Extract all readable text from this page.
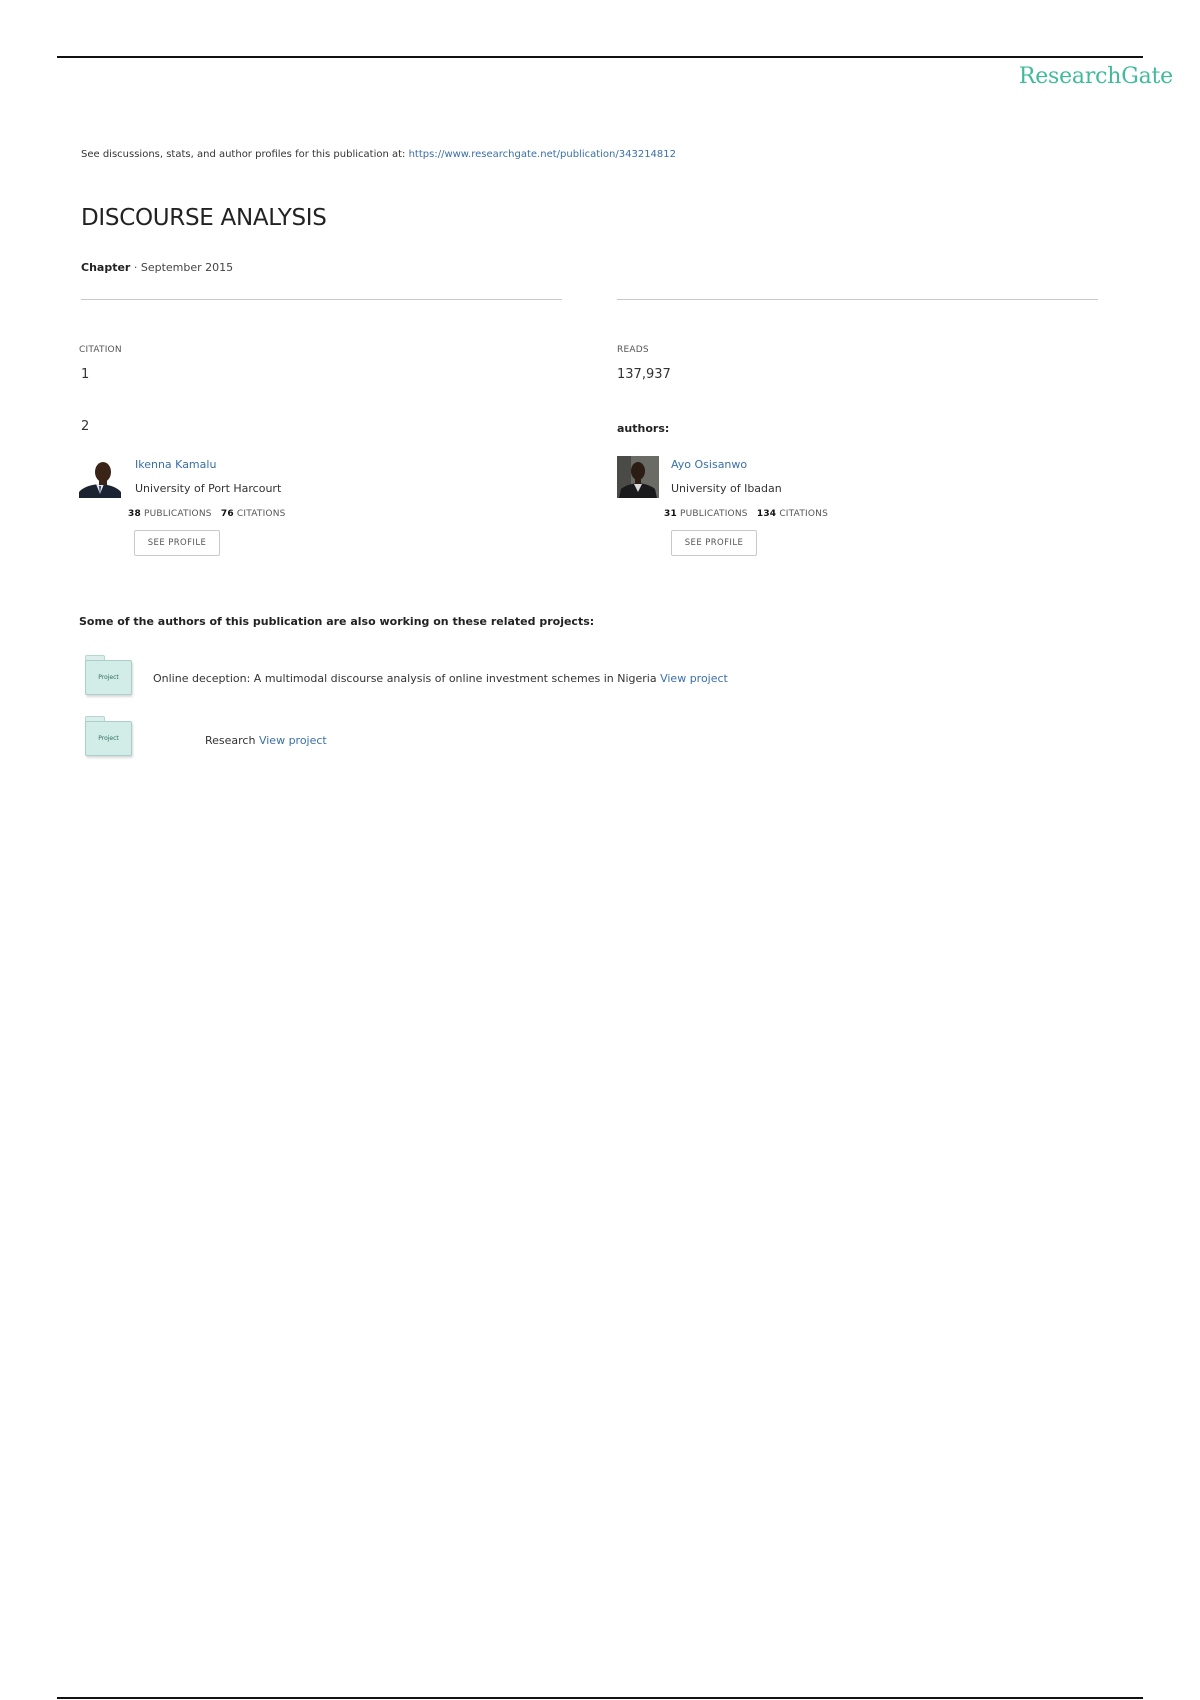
ResearchGate
See discussions, stats, and author profiles for this publication at: https://www.researchgate.net/publication/343214812
DISCOURSE ANALYSIS
Chapter · September 2015
CITATION
1
READS
137,937
2	authors:
Ikenna Kamalu
University of Port Harcourt
38 PUBLICATIONS 76 CITATIONS
SEE PROFILE
Ayo Osisanwo
University of Ibadan
31 PUBLICATIONS 134 CITATIONS
SEE PROFILE
Some of the authors of this publication are also working on these related projects:
Project	Online deception: A multimodal discourse analysis of online investment schemes in Nigeria View project
Project	Research View project
